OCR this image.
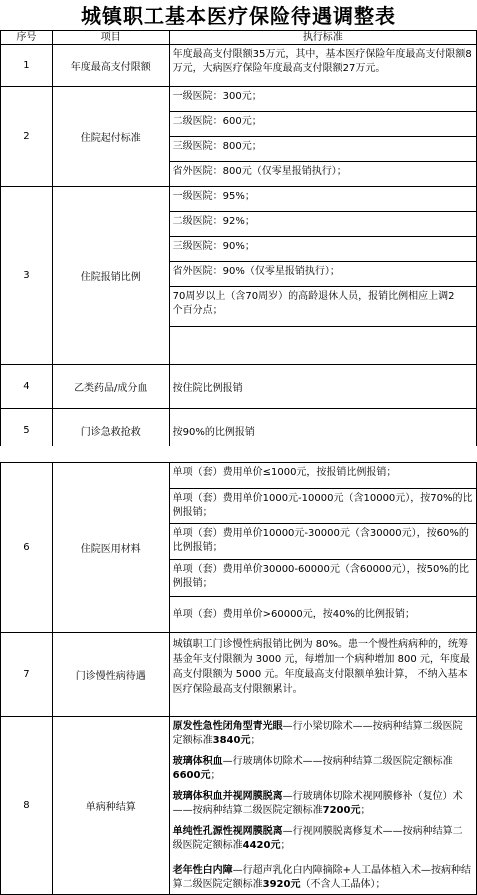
城镇职工基本医疗保险待遇调整表
序号	项目	执行标准
1	年度最高支付限额	年度最高支付限额35万元，其中，基本医疗保险年度最高支付限额8万元，大病医疗保险年度最高支付限额27万元。

2	住院起付标准	一级医院：300元；
二级医院：600元；
三级医院：800元；
省外医院：800元（仅零星报销执行）；

3	住院报销比例	一级医院：95%；
二级医院：92%；
三级医院：90%；
省外医院：90%（仅零星报销执行）；
70周岁以上（含70周岁）的高龄退休人员，报销比例相应上调2个百分点；

4	乙类药品/成分血	按住院比例报销
5	门诊急救抢救	按90%的比例报销
6	住院医用材料	单项（套）费用单价≤1000元，按报销比例报销；
单项（套）费用单价1000元-10000元（含10000元），按70%的比例报销；
单项（套）费用单价10000元-30000元（含30000元），按60%的比例报销；
单项（套）费用单价30000-60000元（含60000元），按50%的比例报销；
单项（套）费用单价>60000元，按40%的比例报销；

7	门诊慢性病待遇	城镇职工门诊慢性病报销比例为 80%。患一个慢性病病种的，统筹基金年支付限额为 3000 元，每增加一个病种增加 800 元，年度最高支付限额为 5000 元。年度最高支付限额单独计算， 不纳入基本医疗保险最高支付限额累计。

8	单病种结算	原发性急性闭角型青光眼—行小梁切除术——按病种结算二级医院定额标准3840元；
玻璃体积血—行玻璃体切除术——按病种结算二级医院定额标准6600元；
玻璃体积血并视网膜脱离—行玻璃体切除术视网膜修补（复位）术——按病种结算二级医院定额标准7200元；
单纯性孔源性视网膜脱离—行视网膜脱离修复术——按病种结算二级医院定额标准4420元；
老年性白内障—行超声乳化白内障摘除+人工晶体植入术—按病种结算二级医院定额标准3920元（不含人工晶体）；
